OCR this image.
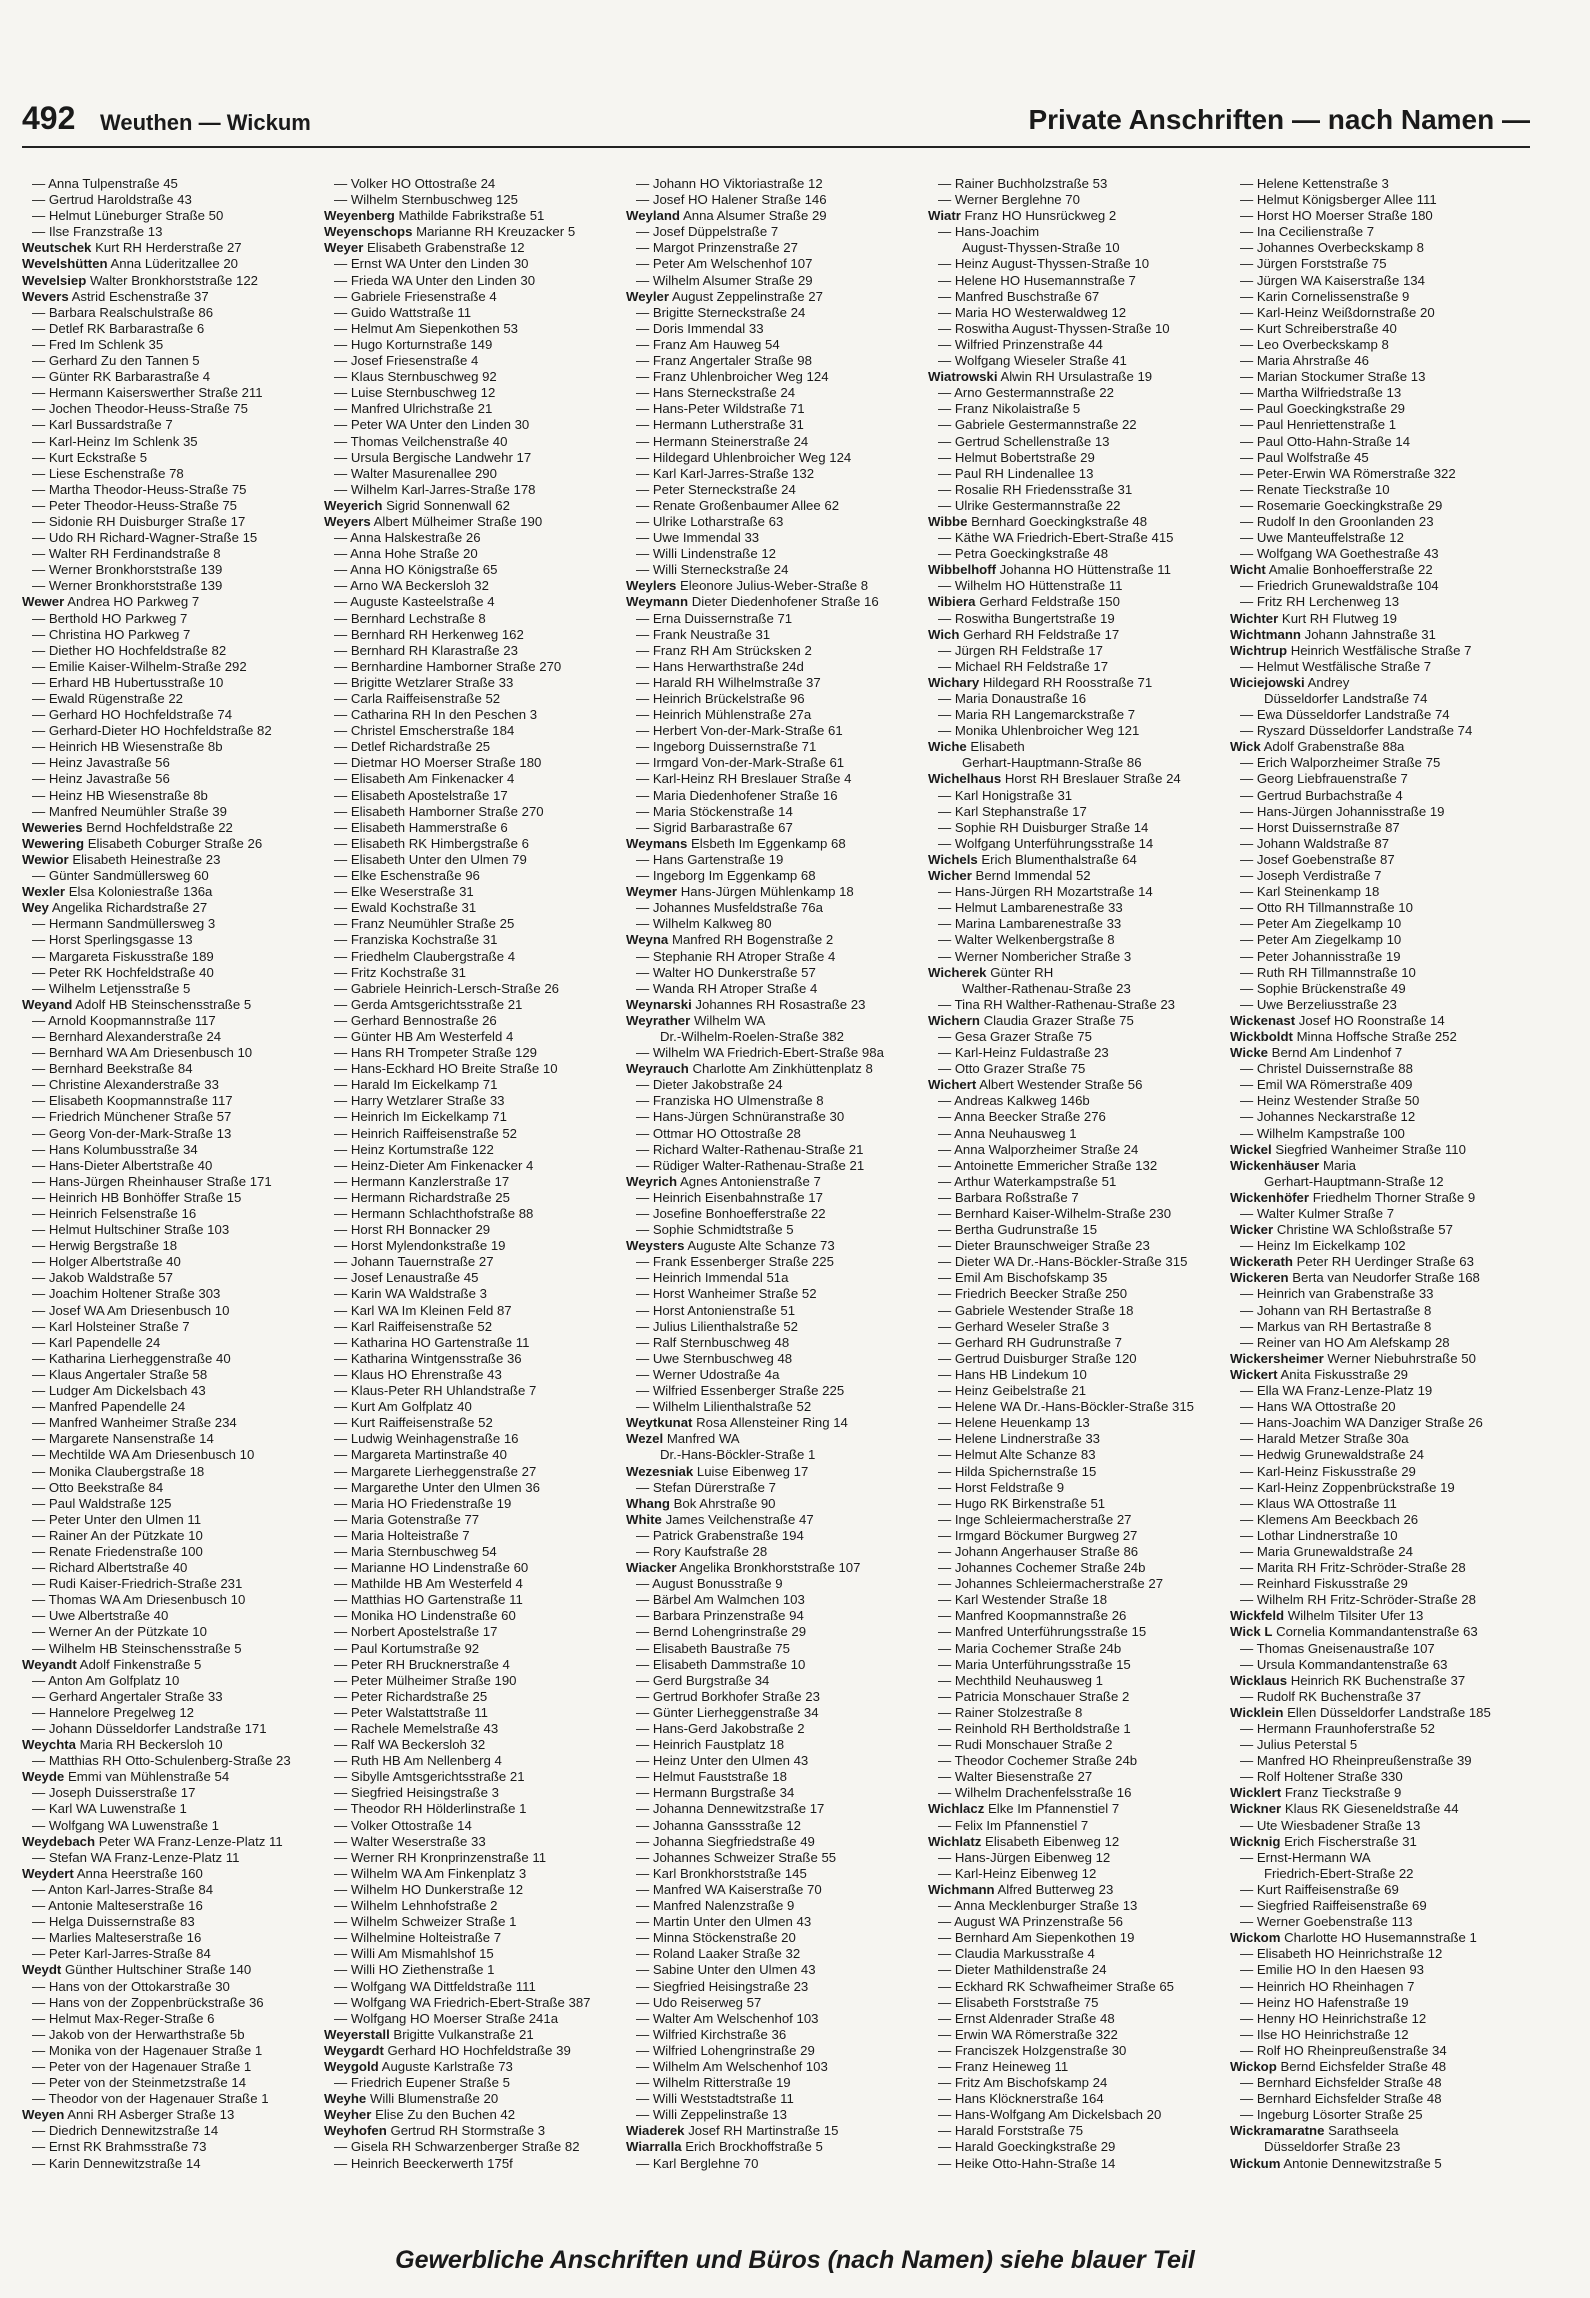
492 Weuthen — Wickum	Private Anschriften — nach Namen —
— Anna Tulpenstraße 45
— Gertrud Haroldstraße 43
— Helmut Lüneburger Straße 50
— Ilse Franzstraße 13
Weutschek Kurt RH Herderstraße 27
Wevelshütten Anna Lüderitzallee 20
Wevelsiep Walter Bronkhorststraße 122
Wevers Astrid Eschenstraße 37
— Barbara Realschulstraße 86
— Detlef RK Barbarastraße 6
— Fred Im Schlenk 35
— Gerhard Zu den Tannen 5
— Günter RK Barbarastraße 4
— Hermann Kaiserswerther Straße 211
— Jochen Theodor-Heuss-Straße 75
— Karl Bussardstraße 7
— Karl-Heinz Im Schlenk 35
— Kurt Eckstraße 5
— Liese Eschenstraße 78
— Martha Theodor-Heuss-Straße 75
— Peter Theodor-Heuss-Straße 75
— Sidonie RH Duisburger Straße 17
— Udo RH Richard-Wagner-Straße 15
— Walter RH Ferdinandstraße 8
— Werner Bronkhorststraße 139
— Werner Bronkhorststraße 139
Wewer Andrea HO Parkweg 7
— Berthold HO Parkweg 7
— Christina HO Parkweg 7
— Diether HO Hochfeldstraße 82
— Emilie Kaiser-Wilhelm-Straße 292
— Erhard HB Hubertusstraße 10
— Ewald Rügenstraße 22
— Gerhard HO Hochfeldstraße 74
— Gerhard-Dieter HO Hochfeldstraße 82
— Heinrich HB Wiesenstraße 8b
— Heinz Javastraße 56
— Heinz Javastraße 56
— Heinz HB Wiesenstraße 8b
— Manfred Neumühler Straße 39
Weweries Bernd Hochfeldstraße 22
Wewering Elisabeth Coburger Straße 26
Wewior Elisabeth Heinestraße 23
— Günter Sandmüllersweg 60
Wexler Elsa Koloniestraße 136a
Wey Angelika Richardstraße 27
— Hermann Sandmüllersweg 3
— Horst Sperlingsgasse 13
— Margareta Fiskusstraße 189
— Peter RK Hochfeldstraße 40
— Wilhelm Letjensstraße 5
Weyand Adolf HB Steinschensstraße 5
— Arnold Koopmannstraße 117
— Bernhard Alexanderstraße 24
— Bernhard WA Am Driesenbusch 10
— Bernhard Beekstraße 84
— Christine Alexanderstraße 33
— Elisabeth Koopmannstraße 117
— Friedrich Münchener Straße 57
— Georg Von-der-Mark-Straße 13
— Hans Kolumbusstraße 34
— Hans-Dieter Albertstraße 40
— Hans-Jürgen Rheinhauser Straße 171
— Heinrich HB Bonhöffer Straße 15
— Heinrich Felsenstraße 16
— Helmut Hultschiner Straße 103
— Herwig Bergstraße 18
— Holger Albertstraße 40
— Jakob Waldstraße 57
— Joachim Holtener Straße 303
— Josef WA Am Driesenbusch 10
— Karl Holsteiner Straße 7
— Karl Papendelle 24
— Katharina Lierheggenstraße 40
— Klaus Angertaler Straße 58
— Ludger Am Dickelsbach 43
— Manfred Papendelle 24
— Manfred Wanheimer Straße 234
— Margarete Nansenstraße 14
— Mechtilde WA Am Driesenbusch 10
— Monika Claubergstraße 18
— Otto Beekstraße 84
— Paul Waldstraße 125
— Peter Unter den Ulmen 11
— Rainer An der Pützkate 10
— Renate Friedenstraße 100
— Richard Albertstraße 40
— Rudi Kaiser-Friedrich-Straße 231
— Thomas WA Am Driesenbusch 10
— Uwe Albertstraße 40
— Werner An der Pützkate 10
— Wilhelm HB Steinschensstraße 5
Weyandt Adolf Finkenstraße 5
— Anton Am Golfplatz 10
— Gerhard Angertaler Straße 33
— Hannelore Pregelweg 12
— Johann Düsseldorfer Landstraße 171
Weychta Maria RH Beckersloh 10
— Matthias RH Otto-Schulenberg-Straße 23
Weyde Emmi van Mühlenstraße 54
— Joseph Duisserstraße 17
— Karl WA Luwenstraße 1
— Wolfgang WA Luwenstraße 1
Weydebach Peter WA Franz-Lenze-Platz 11
— Stefan WA Franz-Lenze-Platz 11
Weydert Anna Heerstraße 160
— Anton Karl-Jarres-Straße 84
— Antonie Malteserstraße 16
— Helga Duissernstraße 83
— Marlies Malteserstraße 16
— Peter Karl-Jarres-Straße 84
Weydt Günther Hultschiner Straße 140
— Hans von der Ottokarstraße 30
— Hans von der Zoppenbrückstraße 36
— Helmut Max-Reger-Straße 6
— Jakob von der Herwarthstraße 5b
— Monika von der Hagenauer Straße 1
— Peter von der Hagenauer Straße 1
— Peter von der Steinmetzstraße 14
— Theodor von der Hagenauer Straße 1
Weyen Anni RH Asberger Straße 13
— Diedrich Dennewitzstraße 14
— Ernst RK Brahmsstraße 73
— Karin Dennewitzstraße 14
— Volker HO Ottostraße 24
— Wilhelm Sternbuschweg 125
Weyenberg Mathilde Fabrikstraße 51
Weyenschops Marianne RH Kreuzacker 5
Weyer Elisabeth Grabenstraße 12
— Ernst WA Unter den Linden 30
— Frieda WA Unter den Linden 30
— Gabriele Friesenstraße 4
— Guido Wattstraße 11
— Helmut Am Siepenkothen 53
— Hugo Korturnstraße 149
— Josef Friesenstraße 4
— Klaus Sternbuschweg 92
— Luise Sternbuschweg 12
— Manfred Ulrichstraße 21
— Peter WA Unter den Linden 30
— Thomas Veilchenstraße 40
— Ursula Bergische Landwehr 17
— Walter Masurenallee 290
— Wilhelm Karl-Jarres-Straße 178
Weyerich Sigrid Sonnenwall 62
Weyers Albert Mülheimer Straße 190
— Anna Halskestraße 26
— Anna Hohe Straße 20
— Anna HO Königstraße 65
— Arno WA Beckersloh 32
— Auguste Kasteelstraße 4
— Bernhard Lechstraße 8
— Bernhard RH Herkenweg 162
— Bernhard RH Klarastraße 23
— Bernhardine Hamborner Straße 270
— Brigitte Wetzlarer Straße 33
— Carla Raiffeisenstraße 52
— Catharina RH In den Peschen 3
— Christel Emscherstraße 184
— Detlef Richardstraße 25
— Dietmar HO Moerser Straße 180
— Elisabeth Am Finkenacker 4
— Elisabeth Apostelstraße 17
— Elisabeth Hamborner Straße 270
— Elisabeth Hammerstraße 6
— Elisabeth RK Himbergstraße 6
— Elisabeth Unter den Ulmen 79
— Elke Eschenstraße 96
— Elke Weserstraße 31
— Ewald Kochstraße 31
— Franz Neumühler Straße 25
— Franziska Kochstraße 31
— Friedhelm Claubergstraße 4
— Fritz Kochstraße 31
— Gabriele Heinrich-Lersch-Straße 26
— Gerda Amtsgerichtsstraße 21
— Gerhard Bennostraße 26
— Günter HB Am Westerfeld 4
— Hans RH Trompeter Straße 129
— Hans-Eckhard HO Breite Straße 10
— Harald Im Eickelkamp 71
— Harry Wetzlarer Straße 33
— Heinrich Im Eickelkamp 71
— Heinrich Raiffeisenstraße 52
— Heinz Kortumstraße 122
— Heinz-Dieter Am Finkenacker 4
— Hermann Kanzlerstraße 17
— Hermann Richardstraße 25
— Hermann Schlachthofstraße 88
— Horst RH Bonnacker 29
— Horst Mylendonkstraße 19
— Johann Tauernstraße 27
— Josef Lenaustraße 45
— Karin WA Waldstraße 3
— Karl WA Im Kleinen Feld 87
— Karl Raiffeisenstraße 52
— Katharina HO Gartenstraße 11
— Katharina Wintgensstraße 36
— Klaus HO Ehrenstraße 43
— Klaus-Peter RH Uhlandstraße 7
— Kurt Am Golfplatz 40
— Kurt Raiffeisenstraße 52
— Ludwig Weinhagenstraße 16
— Margareta Martinstraße 40
— Margarete Lierheggenstraße 27
— Margarethe Unter den Ulmen 36
— Maria HO Friedenstraße 19
— Maria Gotenstraße 77
— Maria Holteistraße 7
— Maria Sternbuschweg 54
— Marianne HO Lindenstraße 60
— Mathilde HB Am Westerfeld 4
— Matthias HO Gartenstraße 11
— Monika HO Lindenstraße 60
— Norbert Apostelstraße 17
— Paul Kortumstraße 92
— Peter RH Brucknerstraße 4
— Peter Mülheimer Straße 190
— Peter Richardstraße 25
— Peter Walstattstraße 11
— Rachele Memelstraße 43
— Ralf WA Beckersloh 32
— Ruth HB Am Nellenberg 4
— Sibylle Amtsgerichtsstraße 21
— Siegfried Heisingstraße 3
— Theodor RH Hölderlinstraße 1
— Volker Ottostraße 14
— Walter Weserstraße 33
— Werner RH Kronprinzenstraße 11
— Wilhelm WA Am Finkenplatz 3
— Wilhelm HO Dunkerstraße 12
— Wilhelm Lehnhofstraße 2
— Wilhelm Schweizer Straße 1
— Wilhelmine Holteistraße 7
— Willi Am Mismahlshof 15
— Willi HO Ziethenstraße 1
— Wolfgang WA Dittfeldstraße 111
— Wolfgang WA Friedrich-Ebert-Straße 387
— Wolfgang HO Moerser Straße 241a
Weyerstall Brigitte Vulkanstraße 21
Weygardt Gerhard HO Hochfeldstraße 39
Weygold Auguste Karlstraße 73
— Friedrich Eupener Straße 5
Weyhe Willi Blumenstraße 20
Weyher Elise Zu den Buchen 42
Weyhofen Gertrud RH Stormstraße 3
— Gisela RH Schwarzenberger Straße 82
— Heinrich Beeckerwerth 175f
— Johann HO Viktoriastraße 12
— Josef HO Halener Straße 146
Weyland Anna Alsumer Straße 29
— Josef Düppelstraße 7
— Margot Prinzenstraße 27
— Peter Am Welschenhof 107
— Wilhelm Alsumer Straße 29
Weyler August Zeppelinstraße 27
— Brigitte Sterneckstraße 24
— Doris Immendal 33
— Franz Am Hauweg 54
— Franz Angertaler Straße 98
— Franz Uhlenbroicher Weg 124
— Hans Sterneckstraße 24
— Hans-Peter Wildstraße 71
— Hermann Lutherstraße 31
— Hermann Steinerstraße 24
— Hildegard Uhlenbroicher Weg 124
— Karl Karl-Jarres-Straße 132
— Peter Sterneckstraße 24
— Renate Großenbaumer Allee 62
— Ulrike Lotharstraße 63
— Uwe Immendal 33
— Willi Lindenstraße 12
— Willi Sterneckstraße 24
Weylers Eleonore Julius-Weber-Straße 8
Weymann Dieter Diedenhofener Straße 16
— Erna Duissernstraße 71
— Frank Neustraße 31
— Franz RH Am Strücksken 2
— Hans Herwarthstraße 24d
— Harald RH Wilhelmstraße 37
— Heinrich Brückelstraße 96
— Heinrich Mühlenstraße 27a
— Herbert Von-der-Mark-Straße 61
— Ingeborg Duissernstraße 71
— Irmgard Von-der-Mark-Straße 61
— Karl-Heinz RH Breslauer Straße 4
— Maria Diedenhofener Straße 16
— Maria Stöckenstraße 14
— Sigrid Barbarastraße 67
Weymans Elsbeth Im Eggenkamp 68
— Hans Gartenstraße 19
— Ingeborg Im Eggenkamp 68
Weymer Hans-Jürgen Mühlenkamp 18
— Johannes Musfeldstraße 76a
— Wilhelm Kalkweg 80
Weyna Manfred RH Bogenstraße 2
— Stephanie RH Atroper Straße 4
— Walter HO Dunkerstraße 57
— Wanda RH Atroper Straße 4
Weynarski Johannes RH Rosastraße 23
Weyrather Wilhelm WA
Dr.-Wilhelm-Roelen-Straße 382
— Wilhelm WA Friedrich-Ebert-Straße 98a
Weyrauch Charlotte Am Zinkhüttenplatz 8
— Dieter Jakobstraße 24
— Franziska HO Ulmenstraße 8
— Hans-Jürgen Schnüranstraße 30
— Ottmar HO Ottostraße 28
— Richard Walter-Rathenau-Straße 21
— Rüdiger Walter-Rathenau-Straße 21
Weyrich Agnes Antonienstraße 7
— Heinrich Eisenbahnstraße 17
— Josefine Bonhoefferstraße 22
— Sophie Schmidtstraße 5
Weysters Auguste Alte Schanze 73
— Frank Essenberger Straße 225
— Heinrich Immendal 51a
— Horst Wanheimer Straße 52
— Horst Antonienstraße 51
— Julius Lilienthalstraße 52
— Ralf Sternbuschweg 48
— Uwe Sternbuschweg 48
— Werner Udostraße 4a
— Wilfried Essenberger Straße 225
— Wilhelm Lilienthalstraße 52
Weytkunat Rosa Allensteiner Ring 14
Wezel Manfred WA
Dr.-Hans-Böckler-Straße 1
Wezesniak Luise Eibenweg 17
— Stefan Dürerstraße 7
Whang Bok Ahrstraße 90
White James Veilchenstraße 47
— Patrick Grabenstraße 194
— Rory Kaufstraße 28
Wiacker Angelika Bronkhorststraße 107
— August Bonusstraße 9
— Bärbel Am Walmchen 103
— Barbara Prinzenstraße 94
— Bernd Lohengrinstraße 29
— Elisabeth Baustraße 75
— Elisabeth Dammstraße 10
— Gerd Burgstraße 34
— Gertrud Borkhofer Straße 23
— Günter Lierheggenstraße 34
— Hans-Gerd Jakobstraße 2
— Heinrich Faustplatz 18
— Heinz Unter den Ulmen 43
— Helmut Fauststraße 18
— Hermann Burgstraße 34
— Johanna Dennewitzstraße 17
— Johanna Ganssstraße 12
— Johanna Siegfriedstraße 49
— Johannes Schweizer Straße 55
— Karl Bronkhorststraße 145
— Manfred WA Kaiserstraße 70
— Manfred Nalenzstraße 9
— Martin Unter den Ulmen 43
— Minna Stöckenstraße 20
— Roland Laaker Straße 32
— Sabine Unter den Ulmen 43
— Siegfried Heisingstraße 23
— Udo Reiserweg 57
— Walter Am Welschenhof 103
— Wilfried Kirchstraße 36
— Wilfried Lohengrinstraße 29
— Wilhelm Am Welschenhof 103
— Wilhelm Ritterstraße 19
— Willi Weststadtstraße 11
— Willi Zeppelinstraße 13
Wiaderek Josef RH Martinstraße 15
Wiarralla Erich Brockhoffstraße 5
— Karl Berglehne 70
— Rainer Buchholzstraße 53
— Werner Berglehne 70
Wiatr Franz HO Hunsrückweg 2
— Hans-Joachim
August-Thyssen-Straße 10
— Heinz August-Thyssen-Straße 10
— Helene HO Husemannstraße 7
— Manfred Buschstraße 67
— Maria HO Westerwaldweg 12
— Roswitha August-Thyssen-Straße 10
— Wilfried Prinzenstraße 44
— Wolfgang Wieseler Straße 41
Wiatrowski Alwin RH Ursulastraße 19
— Arno Gestermannstraße 22
— Franz Nikolaistraße 5
— Gabriele Gestermannstraße 22
— Gertrud Schellenstraße 13
— Helmut Bobertstraße 29
— Paul RH Lindenallee 13
— Rosalie RH Friedensstraße 31
— Ulrike Gestermannstraße 22
Wibbe Bernhard Goeckingkstraße 48
— Käthe WA Friedrich-Ebert-Straße 415
— Petra Goeckingkstraße 48
Wibbelhoff Johanna HO Hüttenstraße 11
— Wilhelm HO Hüttenstraße 11
Wibiera Gerhard Feldstraße 150
— Roswitha Bungertstraße 19
Wich Gerhard RH Feldstraße 17
— Jürgen RH Feldstraße 17
— Michael RH Feldstraße 17
Wichary Hildegard RH Roosstraße 71
— Maria Donaustraße 16
— Maria RH Langemarckstraße 7
— Monika Uhlenbroicher Weg 121
Wiche Elisabeth
Gerhart-Hauptmann-Straße 86
Wichelhaus Horst RH Breslauer Straße 24
— Karl Honigstraße 31
— Karl Stephanstraße 17
— Sophie RH Duisburger Straße 14
— Wolfgang Unterführungsstraße 14
Wichels Erich Blumenthalstraße 64
Wicher Bernd Immendal 52
— Hans-Jürgen RH Mozartstraße 14
— Helmut Lambarenestraße 33
— Marina Lambarenestraße 33
— Walter Welkenbergstraße 8
— Werner Nombericher Straße 3
Wicherek Günter RH
Walther-Rathenau-Straße 23
— Tina RH Walther-Rathenau-Straße 23
Wichern Claudia Grazer Straße 75
— Gesa Grazer Straße 75
— Karl-Heinz Fuldastraße 23
— Otto Grazer Straße 75
Wichert Albert Westender Straße 56
— Andreas Kalkweg 146b
— Anna Beecker Straße 276
— Anna Neuhausweg 1
— Anna Walporzheimer Straße 24
— Antoinette Emmericher Straße 132
— Arthur Waterkampstraße 51
— Barbara Roßstraße 7
— Bernhard Kaiser-Wilhelm-Straße 230
— Bertha Gudrunstraße 15
— Dieter Braunschweiger Straße 23
— Dieter WA Dr.-Hans-Böckler-Straße 315
— Emil Am Bischofskamp 35
— Friedrich Beecker Straße 250
— Gabriele Westender Straße 18
— Gerhard Weseler Straße 3
— Gerhard RH Gudrunstraße 7
— Gertrud Duisburger Straße 120
— Hans HB Lindekum 10
— Heinz Geibelstraße 21
— Helene WA Dr.-Hans-Böckler-Straße 315
— Helene Heuenkamp 13
— Helene Lindnerstraße 33
— Helmut Alte Schanze 83
— Hilda Spichernstraße 15
— Horst Feldstraße 9
— Hugo RK Birkenstraße 51
— Inge Schleiermacherstraße 27
— Irmgard Böckumer Burgweg 27
— Johann Angerhauser Straße 86
— Johannes Cochemer Straße 24b
— Johannes Schleiermacherstraße 27
— Karl Westender Straße 18
— Manfred Koopmannstraße 26
— Manfred Unterführungsstraße 15
— Maria Cochemer Straße 24b
— Maria Unterführungsstraße 15
— Mechthild Neuhausweg 1
— Patricia Monschauer Straße 2
— Rainer Stolzestraße 8
— Reinhold RH Bertholdstraße 1
— Rudi Monschauer Straße 2
— Theodor Cochemer Straße 24b
— Walter Biesenstraße 27
— Wilhelm Drachenfelsstraße 16
Wichlacz Elke Im Pfannenstiel 7
— Felix Im Pfannenstiel 7
Wichlatz Elisabeth Eibenweg 12
— Hans-Jürgen Eibenweg 12
— Karl-Heinz Eibenweg 12
Wichmann Alfred Butterweg 23
— Anna Mecklenburger Straße 13
— August WA Prinzenstraße 56
— Bernhard Am Siepenkothen 19
— Claudia Markusstraße 4
— Dieter Mathildenstraße 24
— Eckhard RK Schwafheimer Straße 65
— Elisabeth Forststraße 75
— Ernst Aldenrader Straße 48
— Erwin WA Römerstraße 322
— Franciszek Holzgenstraße 30
— Franz Heineweg 11
— Fritz Am Bischofskamp 24
— Hans Klöcknerstraße 164
— Hans-Wolfgang Am Dickelsbach 20
— Harald Forststraße 75
— Harald Goeckingkstraße 29
— Heike Otto-Hahn-Straße 14
— Helene Kettenstraße 3
— Helmut Königsberger Allee 111
— Horst HO Moerser Straße 180
— Ina Cecilienstraße 7
— Johannes Overbeckskamp 8
— Jürgen Forststraße 75
— Jürgen WA Kaiserstraße 134
— Karin Cornelissenstraße 9
— Karl-Heinz Weißdornstraße 20
— Kurt Schreiberstraße 40
— Leo Overbeckskamp 8
— Maria Ahrstraße 46
— Marian Stockumer Straße 13
— Martha Wilfriedstraße 13
— Paul Goeckingkstraße 29
— Paul Henriettenstraße 1
— Paul Otto-Hahn-Straße 14
— Paul Wolfstraße 45
— Peter-Erwin WA Römerstraße 322
— Renate Tieckstraße 10
— Rosemarie Goeckingkstraße 29
— Rudolf In den Groonlanden 23
— Uwe Manteuffelstraße 12
— Wolfgang WA Goethestraße 43
Wicht Amalie Bonhoefferstraße 22
— Friedrich Grunewaldstraße 104
— Fritz RH Lerchenweg 13
Wichter Kurt RH Flutweg 19
Wichtmann Johann Jahnstraße 31
Wichtrup Heinrich Westfälische Straße 7
— Helmut Westfälische Straße 7
Wiciejowski Andrey
Düsseldorfer Landstraße 74
— Ewa Düsseldorfer Landstraße 74
— Ryszard Düsseldorfer Landstraße 74
Wick Adolf Grabenstraße 88a
— Erich Walporzheimer Straße 75
— Georg Liebfrauenstraße 7
— Gertrud Burbachstraße 4
— Hans-Jürgen Johannisstraße 19
— Horst Duissernstraße 87
— Johann Waldstraße 87
— Josef Goebenstraße 87
— Joseph Verdistraße 7
— Karl Steinenkamp 18
— Otto RH Tillmannstraße 10
— Peter Am Ziegelkamp 10
— Peter Am Ziegelkamp 10
— Peter Johannisstraße 19
— Ruth RH Tillmannstraße 10
— Sophie Brückenstraße 49
— Uwe Berzeliusstraße 23
Wickenast Josef HO Roonstraße 14
Wickboldt Minna Hoffsche Straße 252
Wicke Bernd Am Lindenhof 7
— Christel Duissernstraße 88
— Emil WA Römerstraße 409
— Heinz Westender Straße 50
— Johannes Neckarstraße 12
— Wilhelm Kampstraße 100
Wickel Siegfried Wanheimer Straße 110
Wickenhäuser Maria
Gerhart-Hauptmann-Straße 12
Wickenhöfer Friedhelm Thorner Straße 9
— Walter Kulmer Straße 7
Wicker Christine WA Schloßstraße 57
— Heinz Im Eickelkamp 102
Wickerath Peter RH Uerdinger Straße 63
Wickeren Berta van Neudorfer Straße 168
— Heinrich van Grabenstraße 33
— Johann van RH Bertastraße 8
— Markus van RH Bertastraße 8
— Reiner van HO Am Alefskamp 28
Wickersheimer Werner Niebuhrstraße 50
Wickert Anita Fiskusstraße 29
— Ella WA Franz-Lenze-Platz 19
— Hans WA Ottostraße 20
— Hans-Joachim WA Danziger Straße 26
— Harald Metzer Straße 30a
— Hedwig Grunewaldstraße 24
— Karl-Heinz Fiskusstraße 29
— Karl-Heinz Zoppenbrückstraße 19
— Klaus WA Ottostraße 11
— Klemens Am Beeckbach 26
— Lothar Lindnerstraße 10
— Maria Grunewaldstraße 24
— Marita RH Fritz-Schröder-Straße 28
— Reinhard Fiskusstraße 29
— Wilhelm RH Fritz-Schröder-Straße 28
Wickfeld Wilhelm Tilsiter Ufer 13
Wick L Cornelia Kommandantenstraße 63
— Thomas Gneisenaustraße 107
— Ursula Kommandantenstraße 63
Wicklaus Heinrich RK Buchenstraße 37
— Rudolf RK Buchenstraße 37
Wicklein Ellen Düsseldorfer Landstraße 185
— Hermann Fraunhoferstraße 52
— Julius Peterstal 5
— Manfred HO Rheinpreußenstraße 39
— Rolf Holtener Straße 330
Wicklert Franz Tieckstraße 9
Wickner Klaus RK Gieseneldstraße 44
— Ute Wiesbadener Straße 13
Wicknig Erich Fischerstraße 31
— Ernst-Hermann WA
Friedrich-Ebert-Straße 22
— Kurt Raiffeisenstraße 69
— Siegfried Raiffeisenstraße 69
— Werner Goebenstraße 113
Wickom Charlotte HO Husemannstraße 1
— Elisabeth HO Heinrichstraße 12
— Emilie HO In den Haesen 93
— Heinrich HO Rheinhagen 7
— Heinz HO Hafenstraße 19
— Henny HO Heinrichstraße 12
— Ilse HO Heinrichstraße 12
— Rolf HO Rheinpreußenstraße 34
Wickop Bernd Eichsfelder Straße 48
— Bernhard Eichsfelder Straße 48
— Bernhard Eichsfelder Straße 48
— Ingeburg Lösorter Straße 25
Wickramaratne Sarathseela
Düsseldorfer Straße 23
Wickum Antonie Dennewitzstraße 5
Gewerbliche Anschriften und Büros (nach Namen) siehe blauer Teil
